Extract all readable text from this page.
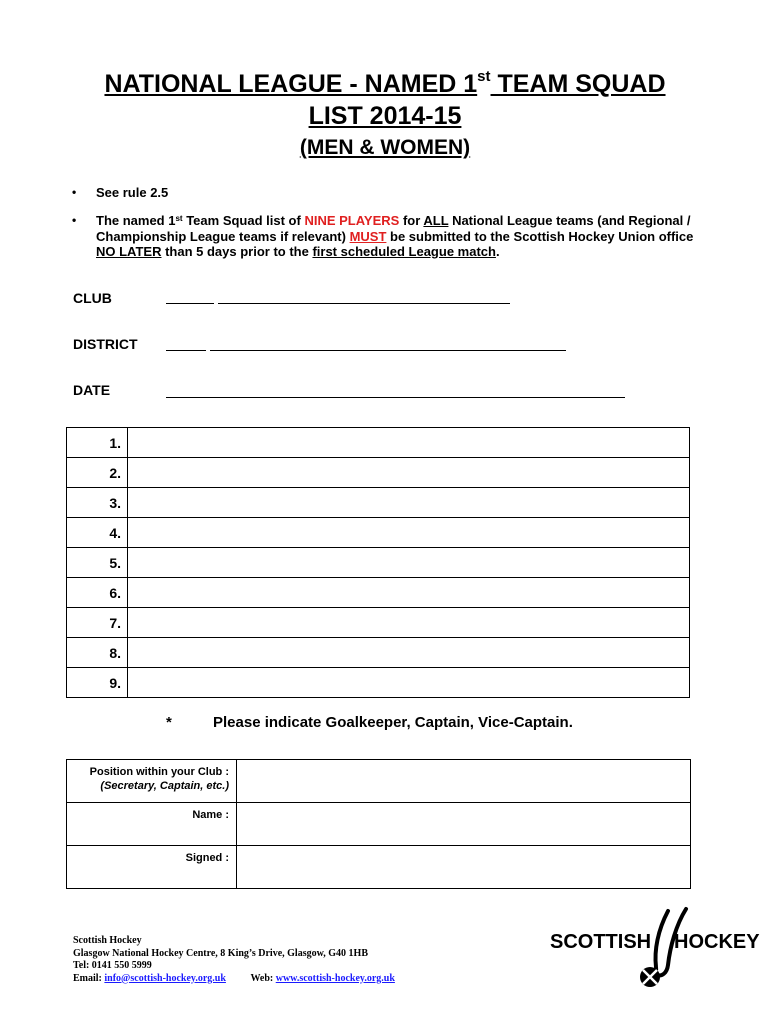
NATIONAL LEAGUE - NAMED 1st TEAM SQUAD
LIST 2014-15
(MEN & WOMEN)
• See rule 2.5
• The named 1st Team Squad list of NINE PLAYERS for ALL National League teams (and Regional / Championship League teams if relevant) MUST be submitted to the Scottish Hockey Union office NO LATER than 5 days prior to the first scheduled League match.
CLUB
DISTRICT
DATE
1.	
2.	
3.	
4.	
5.	
6.	
7.	
8.	
9.	
*	Please indicate Goalkeeper, Captain, Vice-Captain.
Position within your Club :
(Secretary, Captain, etc.)	

Name :	
Signed :	
Scottish Hockey
Glasgow National Hockey Centre, 8 King’s Drive, Glasgow, G40 1HB
Tel: 0141 550 5999
Email: info@scottish-hockey.org.uk Web: www.scottish-hockey.org.uk
SCOTTISH HOCKEY
